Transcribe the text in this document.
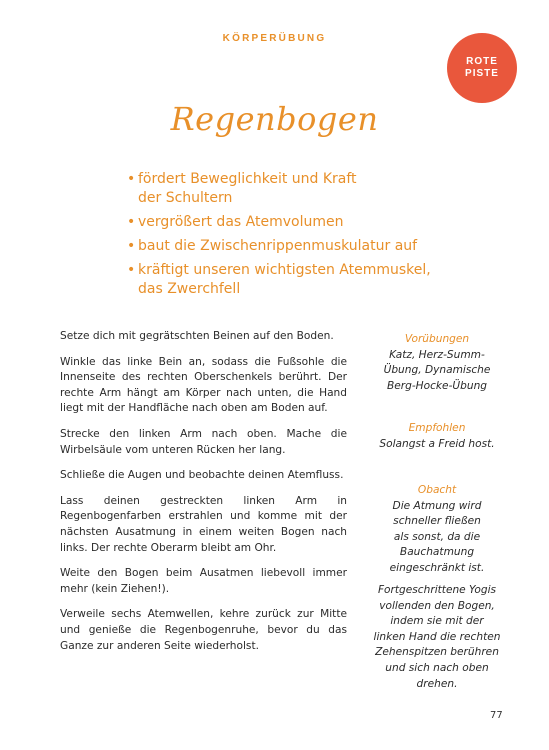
KÖRPERÜBUNG
ROTE
PISTE
Regenbogen
• fördert Beweglichkeit und Kraft
der Schultern
• vergrößert das Atemvolumen
• baut die Zwischenrippenmuskulatur auf
• kräftigt unseren wichtigsten Atemmuskel,
das Zwerchfell

Setze dich mit gegrätschten Beinen auf den Boden.

Winkle das linke Bein an, sodass die Fußsohle die Innenseite des rechten Oberschenkels berührt. Der rechte Arm hängt am Körper nach unten, die Hand liegt mit der Handfläche nach oben am Boden auf.

Strecke den linken Arm nach oben. Mache die Wirbelsäule vom unteren Rücken her lang.

Schließe die Augen und beobachte deinen Atemfluss.

Lass deinen gestreckten linken Arm in Regenbogenfarben erstrahlen und komme mit der nächsten Ausatmung in einem weiten Bogen nach links. Der rechte Oberarm bleibt am Ohr.

Weite den Bogen beim Ausatmen liebevoll immer mehr (kein Ziehen!).

Verweile sechs Atemwellen, kehre zurück zur Mitte und genieße die Regenbogenruhe, bevor du das Ganze zur anderen Seite wiederholst.

Vorübungen
Katz, Herz-Summ-
Übung, Dynamische
Berg-Hocke-Übung
Empfohlen
Solangst a Freid host.
Obacht
Die Atmung wird
schneller fließen
als sonst, da die
Bauchatmung
eingeschränkt ist.
Fortgeschrittene Yogis
vollenden den Bogen,
indem sie mit der
linken Hand die rechten
Zehenspitzen berühren
und sich nach oben
drehen.
77
